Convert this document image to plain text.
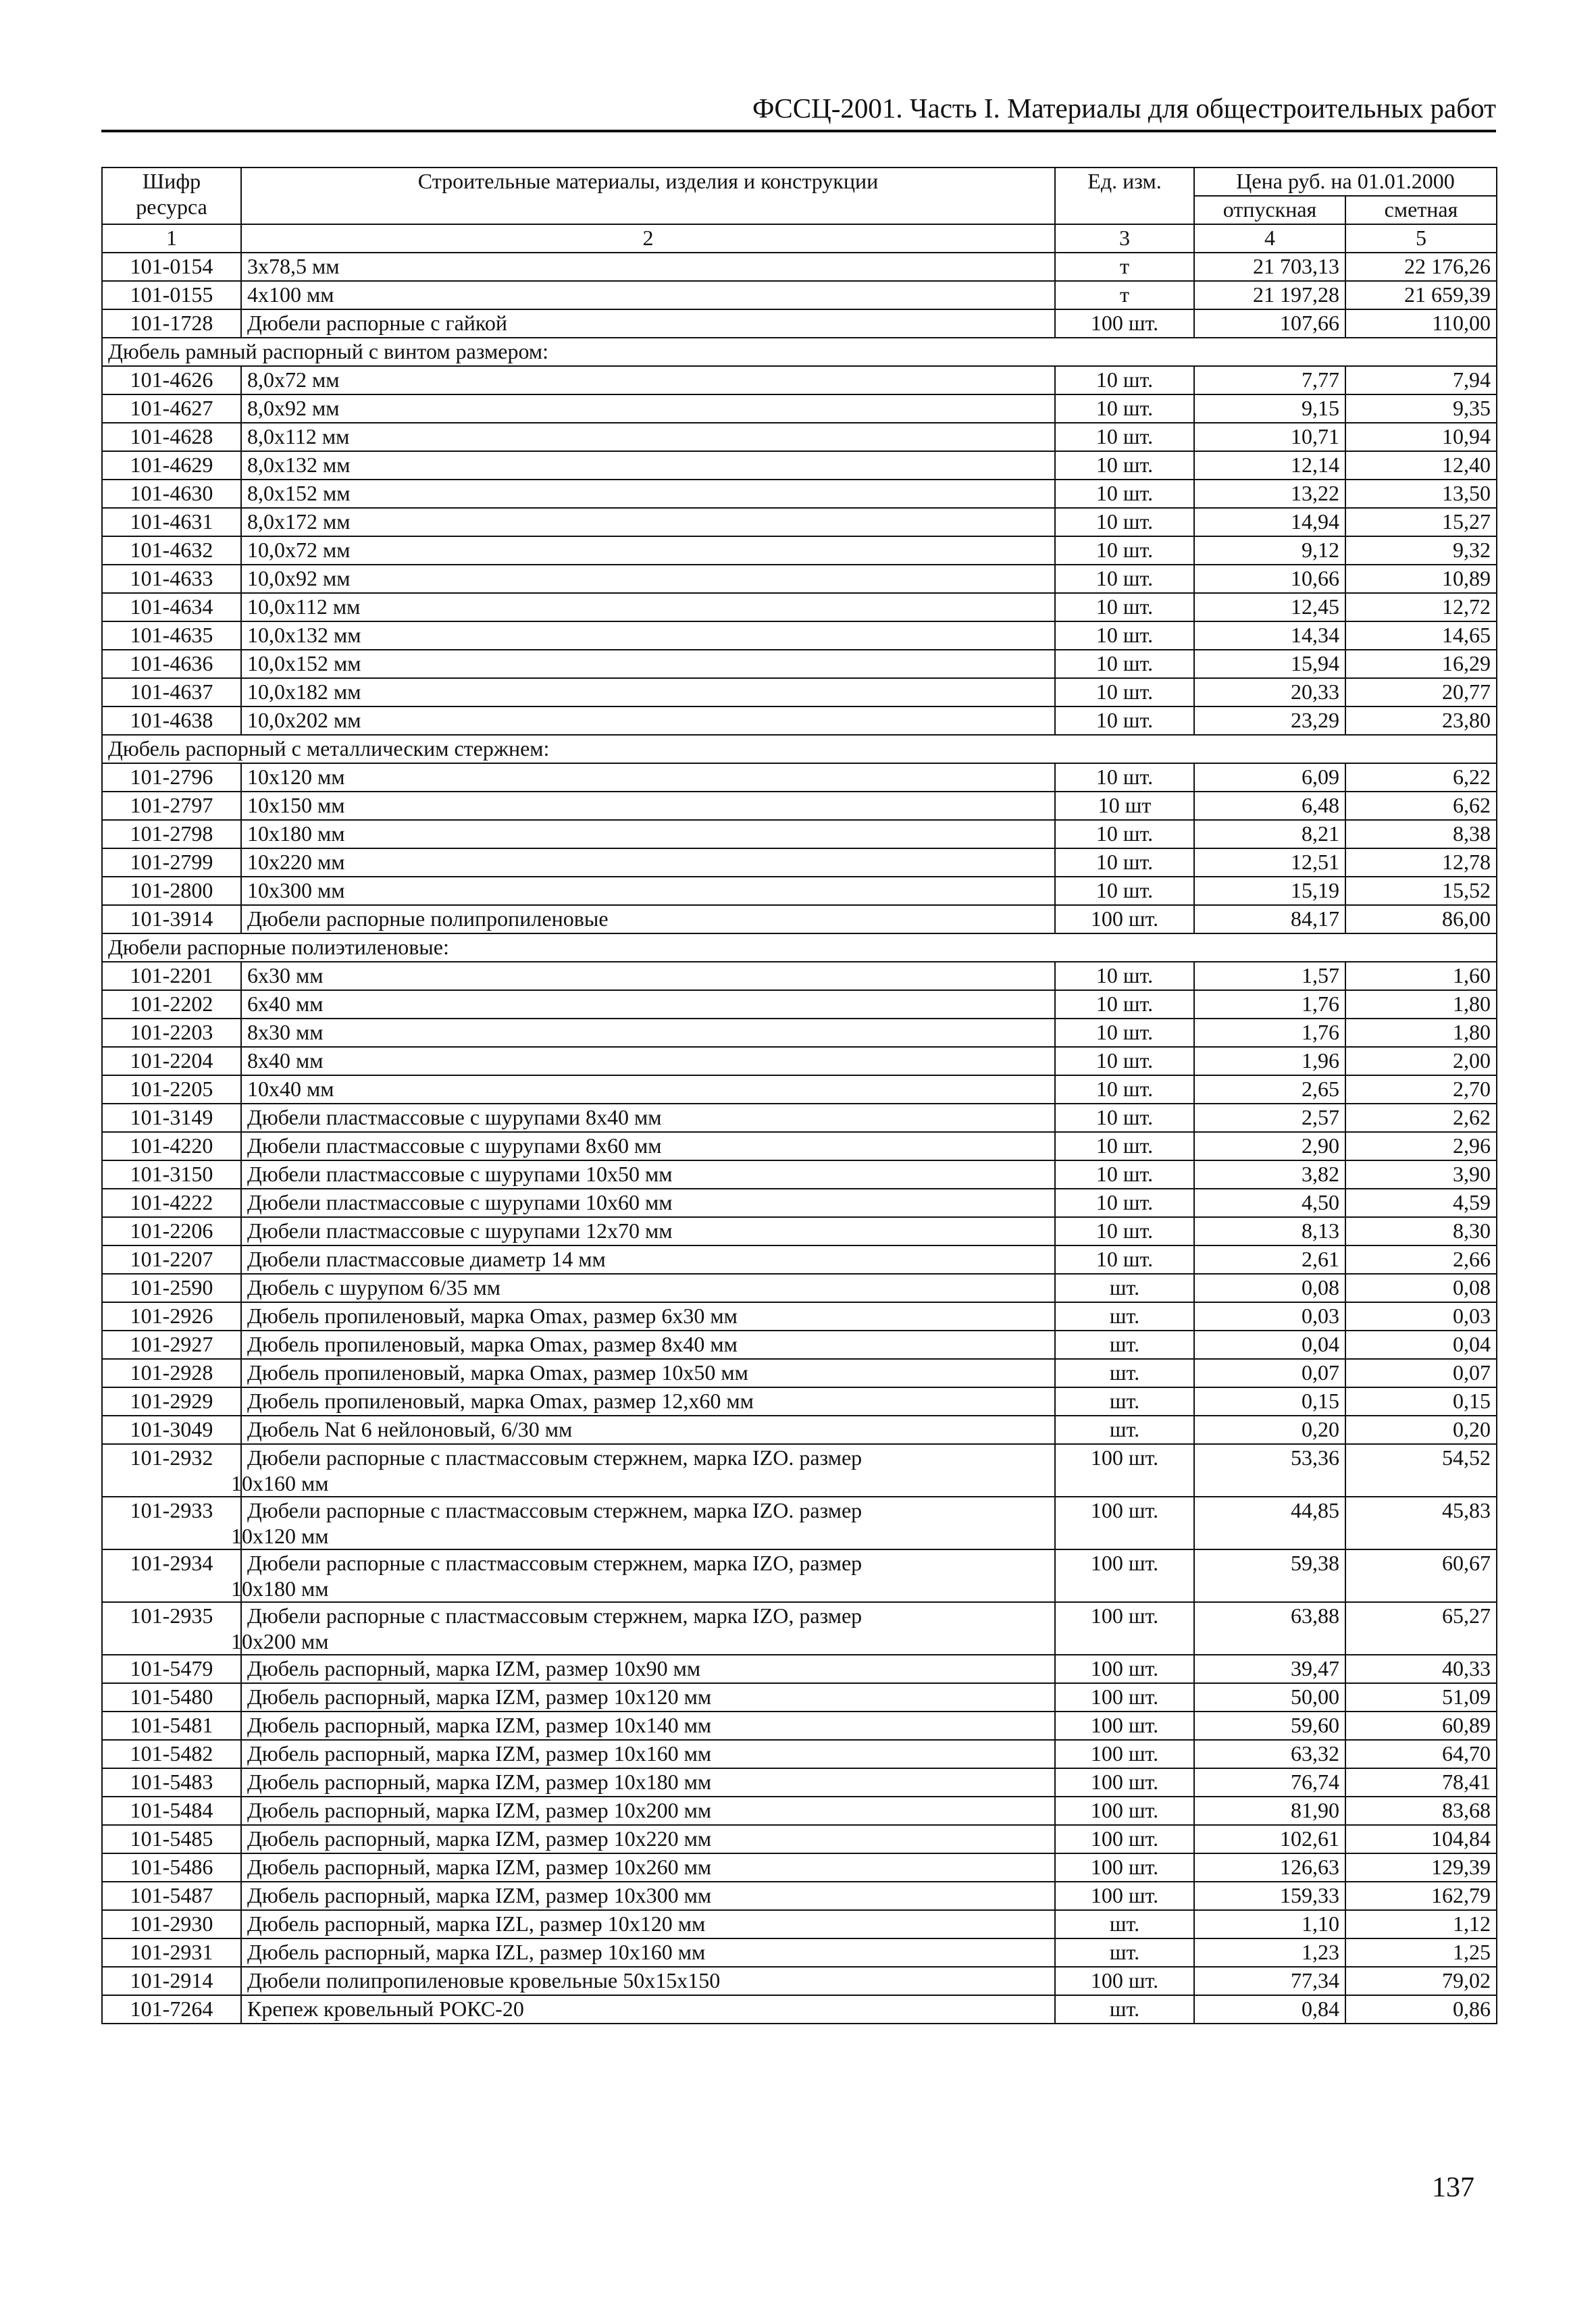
ФССЦ-2001. Часть I. Материалы для общестроительных работ
Шифр ресурса	Строительные материалы, изделия и конструкции	Ед. изм.	Цена руб. на 01.01.2000	
			отпускная	сметная
1	2	3	4	5
101-0154	3х78,5 мм	т	21 703,13	22 176,26
101-0155	4х100 мм	т	21 197,28	21 659,39
101-1728	Дюбели распорные с гайкой	100 шт.	107,66	110,00
Дюбель рамный распорный с винтом размером:				
101-4626	8,0х72 мм	10 шт.	7,77	7,94
101-4627	8,0х92 мм	10 шт.	9,15	9,35
101-4628	8,0х112 мм	10 шт.	10,71	10,94
101-4629	8,0х132 мм	10 шт.	12,14	12,40
101-4630	8,0х152 мм	10 шт.	13,22	13,50
101-4631	8,0х172 мм	10 шт.	14,94	15,27
101-4632	10,0х72 мм	10 шт.	9,12	9,32
101-4633	10,0х92 мм	10 шт.	10,66	10,89
101-4634	10,0х112 мм	10 шт.	12,45	12,72
101-4635	10,0х132 мм	10 шт.	14,34	14,65
101-4636	10,0х152 мм	10 шт.	15,94	16,29
101-4637	10,0х182 мм	10 шт.	20,33	20,77
101-4638	10,0х202 мм	10 шт.	23,29	23,80
Дюбель распорный с металлическим стержнем:				
101-2796	10х120 мм	10 шт.	6,09	6,22
101-2797	10х150 мм	10 шт	6,48	6,62
101-2798	10х180 мм	10 шт.	8,21	8,38
101-2799	10х220 мм	10 шт.	12,51	12,78
101-2800	10х300 мм	10 шт.	15,19	15,52
101-3914	Дюбели распорные полипропиленовые	100 шт.	84,17	86,00
Дюбели распорные полиэтиленовые:				
101-2201	6х30 мм	10 шт.	1,57	1,60
101-2202	6х40 мм	10 шт.	1,76	1,80
101-2203	8х30 мм	10 шт.	1,76	1,80
101-2204	8х40 мм	10 шт.	1,96	2,00
101-2205	10х40 мм	10 шт.	2,65	2,70
101-3149	Дюбели пластмассовые с шурупами 8х40 мм	10 шт.	2,57	2,62
101-4220	Дюбели пластмассовые с шурупами 8х60 мм	10 шт.	2,90	2,96
101-3150	Дюбели пластмассовые с шурупами 10х50 мм	10 шт.	3,82	3,90
101-4222	Дюбели пластмассовые с шурупами 10х60 мм	10 шт.	4,50	4,59
101-2206	Дюбели пластмассовые с шурупами 12х70 мм	10 шт.	8,13	8,30
101-2207	Дюбели пластмассовые диаметр 14 мм	10 шт.	2,61	2,66
101-2590	Дюбель с шурупом 6/35 мм	шт.	0,08	0,08
101-2926	Дюбель пропиленовый, марка Omax, размер 6х30 мм	шт.	0,03	0,03
101-2927	Дюбель пропиленовый, марка Omax, размер 8х40 мм	шт.	0,04	0,04
101-2928	Дюбель пропиленовый, марка Omax, размер 10х50 мм	шт.	0,07	0,07
101-2929	Дюбель пропиленовый, марка Omax, размер 12,х60 мм	шт.	0,15	0,15
101-3049	Дюбель Nat 6 нейлоновый, 6/30 мм	шт.	0,20	0,20
101-2932	Дюбели распорные с пластмассовым стержнем, марка IZO. размер
10х160 мм	100 шт.	53,36	54,52
101-2933	Дюбели распорные с пластмассовым стержнем, марка IZO. размер
10х120 мм	100 шт.	44,85	45,83
101-2934	Дюбели распорные с пластмассовым стержнем, марка IZO, размер
10х180 мм	100 шт.	59,38	60,67
101-2935	Дюбели распорные с пластмассовым стержнем, марка IZO, размер
10х200 мм	100 шт.	63,88	65,27
101-5479	Дюбель распорный, марка IZM, размер 10х90 мм	100 шт.	39,47	40,33
101-5480	Дюбель распорный, марка IZM, размер 10х120 мм	100 шт.	50,00	51,09
101-5481	Дюбель распорный, марка IZM, размер 10х140 мм	100 шт.	59,60	60,89
101-5482	Дюбель распорный, марка IZM, размер 10х160 мм	100 шт.	63,32	64,70
101-5483	Дюбель распорный, марка IZM, размер 10х180 мм	100 шт.	76,74	78,41
101-5484	Дюбель распорный, марка IZM, размер 10х200 мм	100 шт.	81,90	83,68
101-5485	Дюбель распорный, марка IZM, размер 10х220 мм	100 шт.	102,61	104,84
101-5486	Дюбель распорный, марка IZM, размер 10х260 мм	100 шт.	126,63	129,39
101-5487	Дюбель распорный, марка IZM, размер 10х300 мм	100 шт.	159,33	162,79
101-2930	Дюбель распорный, марка IZL, размер 10х120 мм	шт.	1,10	1,12
101-2931	Дюбель распорный, марка IZL, размер 10х160 мм	шт.	1,23	1,25
101-2914	Дюбели полипропиленовые кровельные 50х15х150	100 шт.	77,34	79,02
101-7264	Крепеж кровельный РОКС-20	шт.	0,84	0,86
137
